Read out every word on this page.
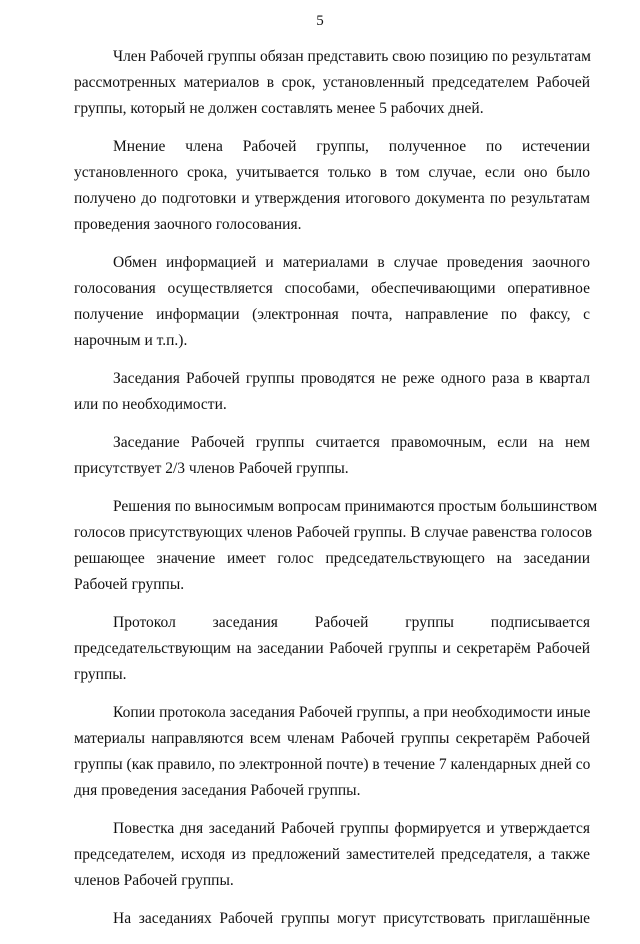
5
Член Рабочей группы обязан представить свою позицию по результатам
рассмотренных материалов в срок, установленный председателем Рабочей
группы, который не должен составлять менее 5 рабочих дней.
Мнение члена Рабочей группы, полученное по истечении
установленного срока, учитывается только в том случае, если оно было
получено до подготовки и утверждения итогового документа по результатам
проведения заочного голосования.
Обмен информацией и материалами в случае проведения заочного
голосования осуществляется способами, обеспечивающими оперативное
получение информации (электронная почта, направление по факсу, с
нарочным и т.п.).
Заседания Рабочей группы проводятся не реже одного раза в квартал
или по необходимости.
Заседание Рабочей группы считается правомочным, если на нем
присутствует 2/3 членов Рабочей группы.
Решения по выносимым вопросам принимаются простым большинством
голосов присутствующих членов Рабочей группы. В случае равенства голосов
решающее значение имеет голос председательствующего на заседании
Рабочей группы.
Протокол заседания Рабочей группы подписывается
председательствующим на заседании Рабочей группы и секретарём Рабочей
группы.
Копии протокола заседания Рабочей группы, а при необходимости иные
материалы направляются всем членам Рабочей группы секретарём Рабочей
группы (как правило, по электронной почте) в течение 7 календарных дней со
дня проведения заседания Рабочей группы.
Повестка дня заседаний Рабочей группы формируется и утверждается
председателем, исходя из предложений заместителей председателя, а также
членов Рабочей группы.
На заседаниях Рабочей группы могут присутствовать приглашённые
